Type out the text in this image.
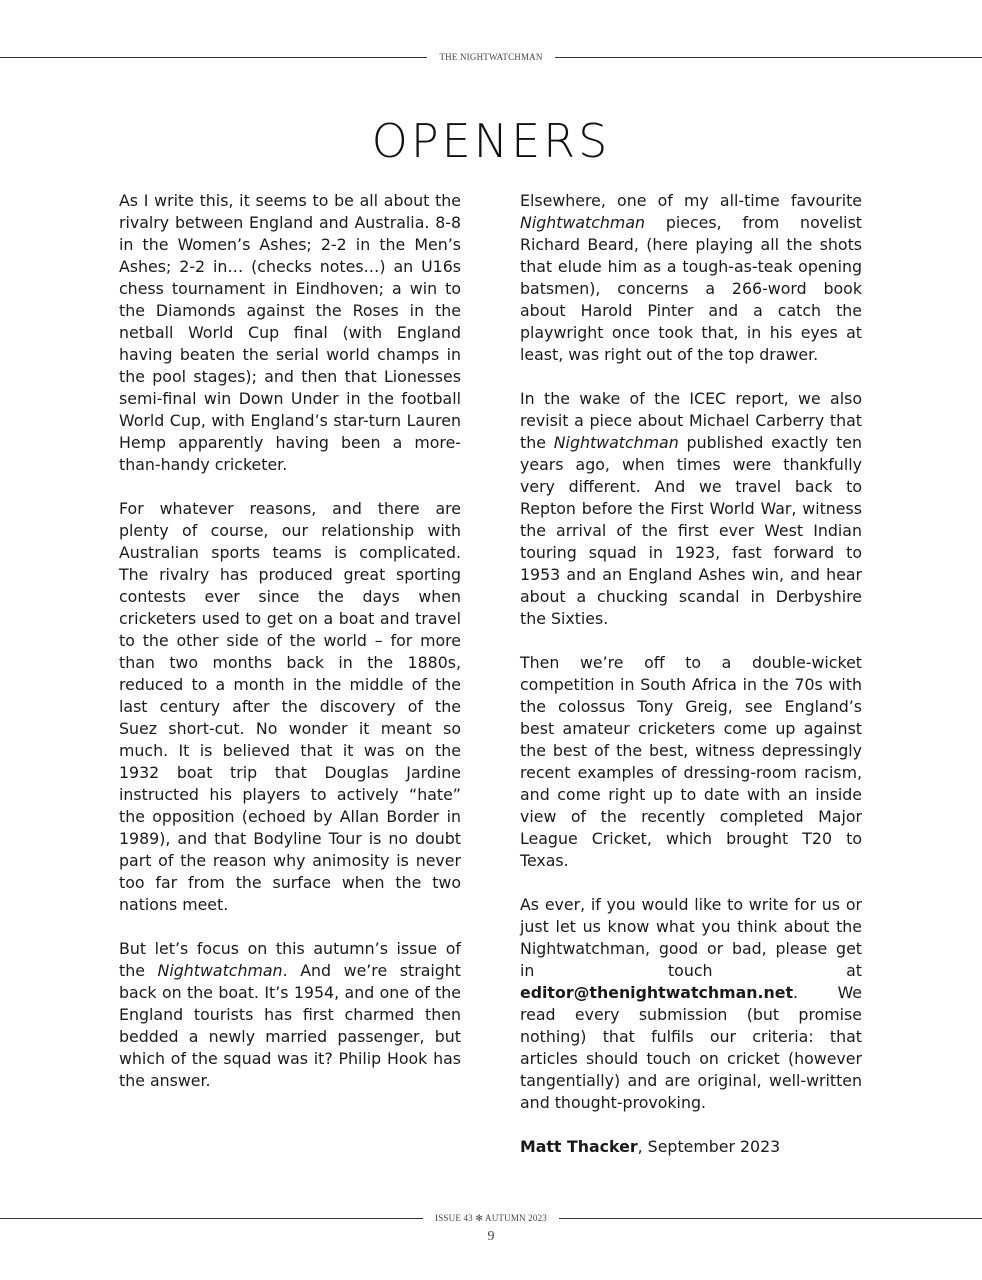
THE NIGHTWATCHMAN
OPENERS

As I write this, it seems to be all about the rivalry between England and Australia. 8-8 in the Women’s Ashes; 2-2 in the Men’s Ashes; 2-2 in… (checks notes…) an U16s chess tournament in Eindhoven; a win to the Diamonds against the Roses in the netball World Cup final (with England having beaten the serial world champs in the pool stages); and then that Lionesses semi-final win Down Under in the football World Cup, with England’s star-turn Lauren Hemp apparently having been a more-than-handy cricketer.

For whatever reasons, and there are plenty of course, our relationship with Australian sports teams is complicated. The rivalry has produced great sporting contests ever since the days when cricketers used to get on a boat and travel to the other side of the world – for more than two months back in the 1880s, reduced to a month in the middle of the last century after the discovery of the Suez short-cut. No wonder it meant so much. It is believed that it was on the 1932 boat trip that Douglas Jardine instructed his players to actively “hate” the opposition (echoed by Allan Border in 1989), and that Bodyline Tour is no doubt part of the reason why animosity is never too far from the surface when the two nations meet.

But let’s focus on this autumn’s issue of the Nightwatchman. And we’re straight back on the boat. It’s 1954, and one of the England tourists has first charmed then bedded a newly married passenger, but which of the squad was it? Philip Hook has the answer.

Elsewhere, one of my all-time favourite Nightwatchman pieces, from novelist Richard Beard, (here playing all the shots that elude him as a tough-as-teak opening batsmen), concerns a 266-word book about Harold Pinter and a catch the playwright once took that, in his eyes at least, was right out of the top drawer.

In the wake of the ICEC report, we also revisit a piece about Michael Carberry that the Nightwatchman published exactly ten years ago, when times were thankfully very different. And we travel back to Repton before the First World War, witness the arrival of the first ever West Indian touring squad in 1923, fast forward to 1953 and an England Ashes win, and hear about a chucking scandal in Derbyshire the Sixties.

Then we’re off to a double-wicket competition in South Africa in the 70s with the colossus Tony Greig, see England’s best amateur cricketers come up against the best of the best, witness depressingly recent examples of dressing-room racism, and come right up to date with an inside view of the recently completed Major League Cricket, which brought T20 to Texas.

As ever, if you would like to write for us or just let us know what you think about the Nightwatchman, good or bad, please get in touch at editor@thenightwatchman.net. We read every submission (but promise nothing) that fulfils our criteria: that articles should touch on cricket (however tangentially) and are original, well-written and thought-provoking.

Matt Thacker, September 2023

ISSUE 43 ✻ AUTUMN 2023
9
